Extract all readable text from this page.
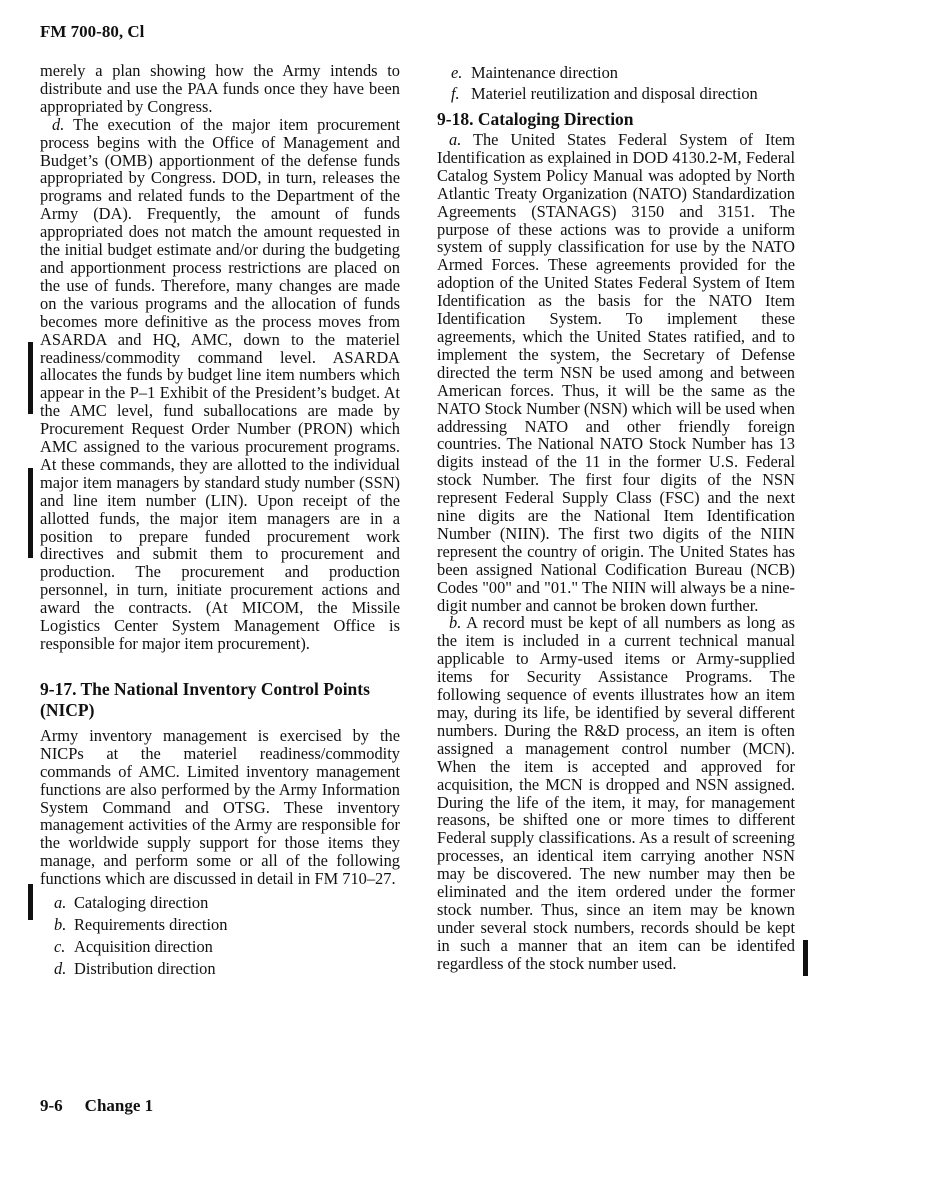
FM 700-80, Cl

merely a plan showing how the Army intends to distribute and use the PAA funds once they have been appropriated by Congress.

d. The execution of the major item procurement process begins with the Office of Management and Budget’s (OMB) apportionment of the defense funds appropriated by Congress. DOD, in turn, releases the programs and related funds to the Department of the Army (DA). Frequently, the amount of funds appropriated does not match the amount requested in the initial budget estimate and/or during the budgeting and apportionment process restrictions are placed on the use of funds. Therefore, many changes are made on the various programs and the allocation of funds becomes more definitive as the process moves from ASARDA and HQ, AMC, down to the materiel readiness/commodity command level. ASARDA allocates the funds by budget line item numbers which appear in the P–1 Exhibit of the President’s budget. At the AMC level, fund suballocations are made by Procurement Request Order Number (PRON) which AMC assigned to the various procurement programs. At these commands, they are allotted to the individual major item managers by standard study number (SSN) and line item number (LIN). Upon receipt of the allotted funds, the major item managers are in a position to prepare funded procurement work directives and submit them to procurement and production. The procurement and production personnel, in turn, initiate procurement actions and award the contracts. (At MICOM, the Missile Logistics Center System Management Office is responsible for major item procurement).

9-17. The National Inventory Control Points (NICP)

Army inventory management is exercised by the NICPs at the materiel readiness/commodity commands of AMC. Limited inventory management functions are also performed by the Army Information System Command and OTSG. These inventory management activities of the Army are responsible for the worldwide supply support for those items they manage, and perform some or all of the following functions which are discussed in detail in FM 710–27.

a. Cataloging direction
b. Requirements direction
c. Acquisition direction
d. Distribution direction
e. Maintenance direction
f. Materiel reutilization and disposal direction
9-18. Cataloging Direction

a. The United States Federal System of Item Identification as explained in DOD 4130.2-M, Federal Catalog System Policy Manual was adopted by North Atlantic Treaty Organization (NATO) Standardization Agreements (STANAGS) 3150 and 3151. The purpose of these actions was to provide a uniform system of supply classification for use by the NATO Armed Forces. These agreements provided for the adoption of the United States Federal System of Item Identification as the basis for the NATO Item Identification System. To implement these agreements, which the United States ratified, and to implement the system, the Secretary of Defense directed the term NSN be used among and between American forces. Thus, it will be the same as the NATO Stock Number (NSN) which will be used when addressing NATO and other friendly foreign countries. The National NATO Stock Number has 13 digits instead of the 11 in the former U.S. Federal stock Number. The first four digits of the NSN represent Federal Supply Class (FSC) and the next nine digits are the National Item Identification Number (NIIN). The first two digits of the NIIN represent the country of origin. The United States has been assigned National Codification Bureau (NCB) Codes "00" and "01." The NIIN will always be a nine-digit number and cannot be broken down further.

b. A record must be kept of all numbers as long as the item is included in a current technical manual applicable to Army-used items or Army-supplied items for Security Assistance Programs. The following sequence of events illustrates how an item may, during its life, be identified by several different numbers. During the R&D process, an item is often assigned a management control number (MCN). When the item is accepted and approved for acquisition, the MCN is dropped and NSN assigned. During the life of the item, it may, for management reasons, be shifted one or more times to different Federal supply classifications. As a result of screening processes, an identical item carrying another NSN may be discovered. The new number may then be eliminated and the item ordered under the former stock number. Thus, since an item may be known under several stock numbers, records should be kept in such a manner that an item can be identifed regardless of the stock number used.

9-6 Change 1
